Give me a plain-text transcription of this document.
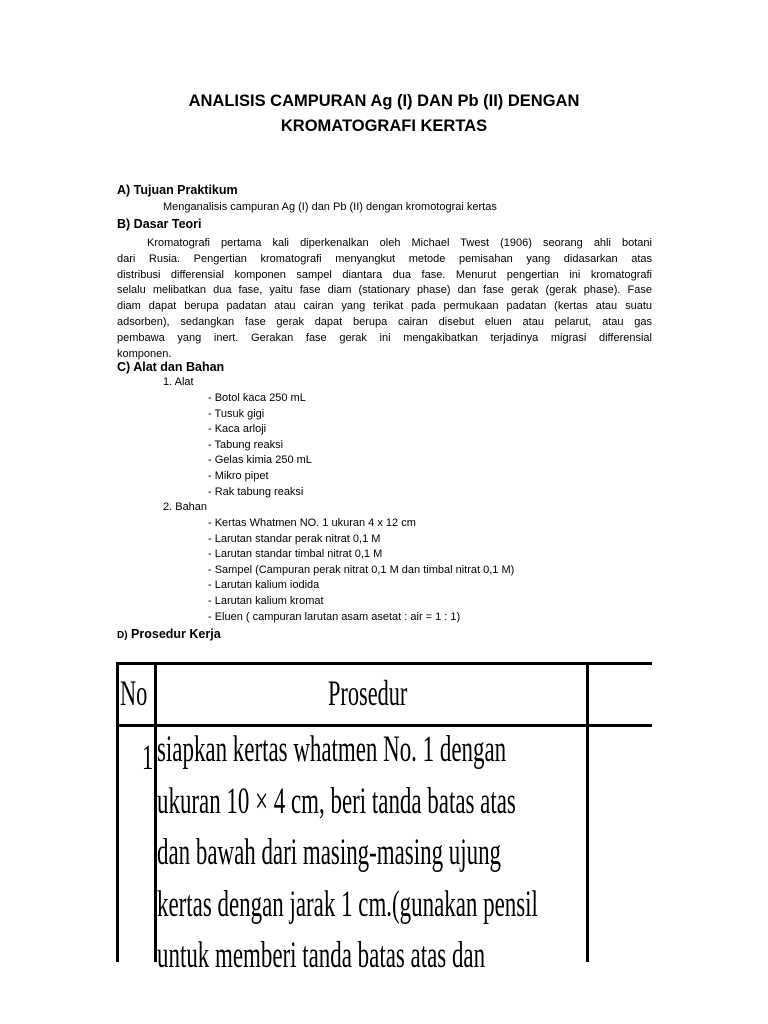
ANALISIS CAMPURAN Ag (I) DAN Pb (II) DENGAN
KROMATOGRAFI KERTAS
A) Tujuan Praktikum
Menganalisis campuran Ag (I) dan Pb (II) dengan kromotograi kertas
B) Dasar Teori
Kromatografi pertama kali diperkenalkan oleh Michael Twest (1906) seorang ahli botani
dari Rusia. Pengertian kromatografi menyangkut metode pemisahan yang didasarkan atas
distribusi differensial komponen sampel diantara dua fase. Menurut pengertian ini kromatografi
selalu melibatkan dua fase, yaitu fase diam (stationary phase) dan fase gerak (gerak phase). Fase
diam dapat berupa padatan atau cairan yang terikat pada permukaan padatan (kertas atau suatu
adsorben), sedangkan fase gerak dapat berupa cairan disebut eluen atau pelarut, atau gas
pembawa yang inert. Gerakan fase gerak ini mengakibatkan terjadinya migrasi differensial
komponen.
C) Alat dan Bahan
1. Alat
- Botol kaca 250 mL
- Tusuk gigi
- Kaca arloji
- Tabung reaksi
- Gelas kimia 250 mL
- Mikro pipet
- Rak tabung reaksi
2. Bahan
- Kertas Whatmen NO. 1 ukuran 4 x 12 cm
- Larutan standar perak nitrat 0,1 M
- Larutan standar timbal nitrat 0,1 M
- Sampel (Campuran perak nitrat 0,1 M dan timbal nitrat 0,1 M)
- Larutan kalium iodida
- Larutan kalium kromat
- Eluen ( campuran larutan asam asetat : air = 1 : 1)
D) Prosedur Kerja
No	Prosedur
1 siapkan kertas whatmen No. 1 dengan
ukuran 10 × 4 cm, beri tanda batas atas
dan bawah dari masing-masing ujung
kertas dengan jarak 1 cm.(gunakan pensil
untuk memberi tanda batas atas dan
